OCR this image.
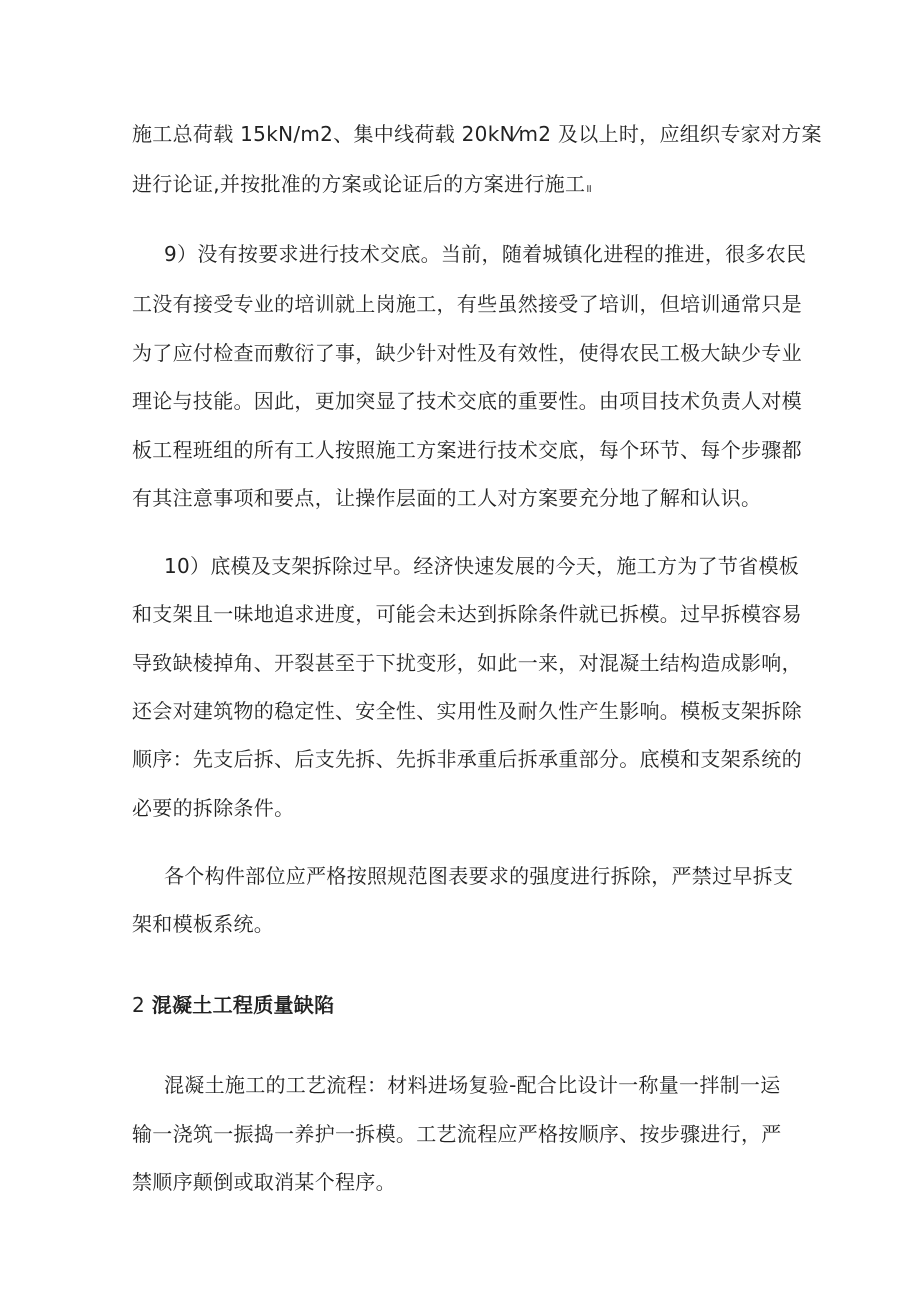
施工总荷载 15kN/m2、集中线荷载 20kN⁄m2 及以上时，应组织专家对方案
进行论证,并按批准的方案或论证后的方案进行施工॥
9）没有按要求进行技术交底。当前，随着城镇化进程的推进，很多农民
工没有接受专业的培训就上岗施工，有些虽然接受了培训，但培训通常只是
为了应付检查而敷衍了事，缺少针对性及有效性，使得农民工极大缺少专业
理论与技能。因此，更加突显了技术交底的重要性。由项目技术负责人对模
板工程班组的所有工人按照施工方案进行技术交底，每个环节、每个步骤都
有其注意事项和要点，让操作层面的工人对方案要充分地了解和认识。
10）底模及支架拆除过早。经济快速发展的今天，施工方为了节省模板
和支架且一味地追求进度，可能会未达到拆除条件就已拆模。过早拆模容易
导致缺棱掉角、开裂甚至于下扰变形，如此一来，对混凝土结构造成影响，
还会对建筑物的稳定性、安全性、实用性及耐久性产生影响。模板支架拆除
顺序：先支后拆、后支先拆、先拆非承重后拆承重部分。底模和支架系统的
必要的拆除条件。
各个构件部位应严格按照规范图表要求的强度进行拆除，严禁过早拆支
架和模板系统。
2 混凝土工程质量缺陷
混凝土施工的工艺流程：材料进场复验-配合比设计一称量一拌制一运
输一浇筑一振捣一养护一拆模。工艺流程应严格按顺序、按步骤进行，严
禁顺序颠倒或取消某个程序。
